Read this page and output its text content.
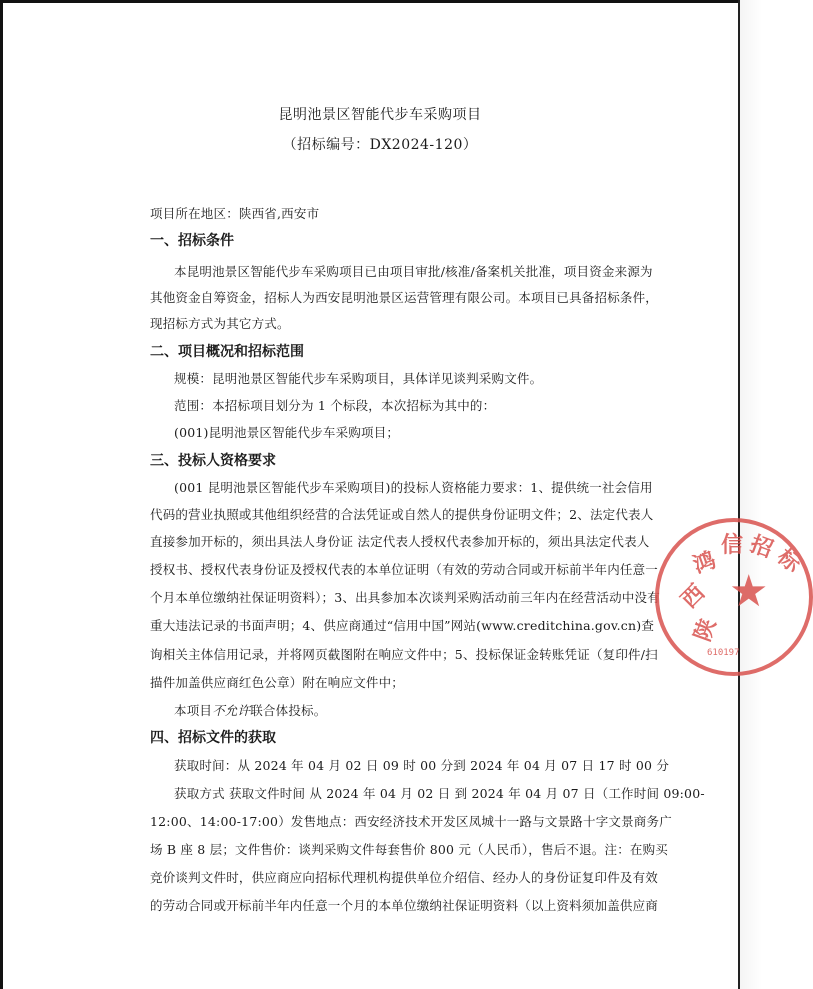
昆明池景区智能代步车采购项目
（招标编号：DX2024-120）
项目所在地区：陕西省,西安市
一、招标条件
本昆明池景区智能代步车采购项目已由项目审批/核准/备案机关批准，项目资金来源为
其他资金自筹资金，招标人为西安昆明池景区运营管理有限公司。本项目已具备招标条件，
现招标方式为其它方式。
二、项目概况和招标范围
规模：昆明池景区智能代步车采购项目，具体详见谈判采购文件。
范围：本招标项目划分为 1 个标段，本次招标为其中的：
(001)昆明池景区智能代步车采购项目；
三、投标人资格要求
(001 昆明池景区智能代步车采购项目)的投标人资格能力要求：1、提供统一社会信用
代码的营业执照或其他组织经营的合法凭证或自然人的提供身份证明文件；2、法定代表人
直接参加开标的，须出具法人身份证 法定代表人授权代表参加开标的，须出具法定代表人
授权书、授权代表身份证及授权代表的本单位证明（有效的劳动合同或开标前半年内任意一
个月本单位缴纳社保证明资料）；3、出具参加本次谈判采购活动前三年内在经营活动中没有
重大违法记录的书面声明；4、供应商通过“信用中国”网站(www.creditchina.gov.cn)查
询相关主体信用记录，并将网页截图附在响应文件中；5、投标保证金转账凭证（复印件/扫
描件加盖供应商红色公章）附在响应文件中；
本项目不允许联合体投标。
四、招标文件的获取
获取时间：从 2024 年 04 月 02 日 09 时 00 分到 2024 年 04 月 07 日 17 时 00 分
获取方式 获取文件时间 从 2024 年 04 月 02 日 到 2024 年 04 月 07 日（工作时间 09:00-
12:00、14:00-17:00）发售地点：西安经济技术开发区凤城十一路与文景路十字文景商务广
场 B 座 8 层；文件售价：谈判采购文件每套售价 800 元（人民币），售后不退。注：在购买
竞价谈判文件时，供应商应向招标代理机构提供单位介绍信、经办人的身份证复印件及有效
的劳动合同或开标前半年内任意一个月的本单位缴纳社保证明资料（以上资料须加盖供应商
陕
西
鸿
信 招
标
★
610197
